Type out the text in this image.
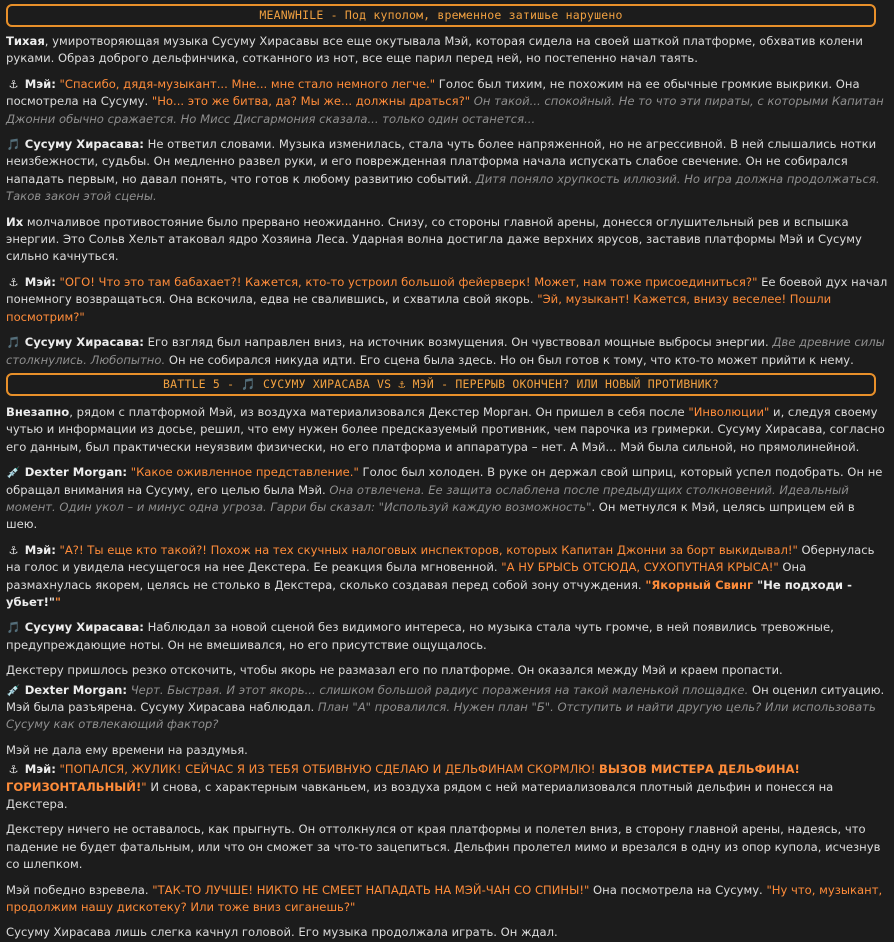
MEANWHILE - Под куполом, временное затишье нарушено

Тихая, умиротворяющая музыка Сусуму Хирасавы все еще окутывала Мэй, которая сидела на своей шаткой платформе, обхватив колени руками. Образ доброго дельфинчика, сотканного из нот, все еще парил перед ней, но постепенно начал таять.

⚓ Мэй: "Спасибо, дядя-музыкант... Мне... мне стало немного легче." Голос был тихим, не похожим на ее обычные громкие выкрики. Она посмотрела на Сусуму. "Но... это же битва, да? Мы же... должны драться?" Он такой... спокойный. Не то что эти пираты, с которыми Капитан Джонни обычно сражается. Но Мисс Дисгармония сказала... только один останется...

🎵 Сусуму Хирасава: Не ответил словами. Музыка изменилась, стала чуть более напряженной, но не агрессивной. В ней слышались нотки неизбежности, судьбы. Он медленно развел руки, и его поврежденная платформа начала испускать слабое свечение. Он не собирался нападать первым, но давал понять, что готов к любому развитию событий. Дитя поняло хрупкость иллюзий. Но игра должна продолжаться. Таков закон этой сцены.

Их молчаливое противостояние было прервано неожиданно. Снизу, со стороны главной арены, донесся оглушительный рев и вспышка энергии. Это Сольв Хельт атаковал ядро Хозяина Леса. Ударная волна достигла даже верхних ярусов, заставив платформы Мэй и Сусуму сильно качнуться.

⚓ Мэй: "ОГО! Что это там бабахает?! Кажется, кто-то устроил большой фейерверк! Может, нам тоже присоединиться?" Ее боевой дух начал понемногу возвращаться. Она вскочила, едва не свалившись, и схватила свой якорь. "Эй, музыкант! Кажется, внизу веселее! Пошли посмотрим?"

🎵 Сусуму Хирасава: Его взгляд был направлен вниз, на источник возмущения. Он чувствовал мощные выбросы энергии. Две древние силы столкнулись. Любопытно. Он не собирался никуда идти. Его сцена была здесь. Но он был готов к тому, что кто-то может прийти к нему.

BATTLE 5 - 🎵 СУСУМУ ХИРАСАВА VS ⚓ МЭЙ - ПЕРЕРЫВ ОКОНЧЕН? ИЛИ НОВЫЙ ПРОТИВНИК?

Внезапно, рядом с платформой Мэй, из воздуха материализовался Декстер Морган. Он пришел в себя после "Инволюции" и, следуя своему чутью и информации из досье, решил, что ему нужен более предсказуемый противник, чем парочка из гримерки. Сусуму Хирасава, согласно его данным, был практически неуязвим физически, но его платформа и аппаратура – нет. А Мэй... Мэй была сильной, но прямолинейной.

💉 Dexter Morgan: "Какое оживленное представление." Голос был холоден. В руке он держал свой шприц, который успел подобрать. Он не обращал внимания на Сусуму, его целью была Мэй. Она отвлечена. Ее защита ослаблена после предыдущих столкновений. Идеальный момент. Один укол – и минус одна угроза. Гарри бы сказал: "Используй каждую возможность". Он метнулся к Мэй, целясь шприцем ей в шею.

⚓ Мэй: "А?! Ты еще кто такой?! Похож на тех скучных налоговых инспекторов, которых Капитан Джонни за борт выкидывал!" Обернулась на голос и увидела несущегося на нее Декстера. Ее реакция была мгновенной. "А НУ БРЫСЬ ОТСЮДА, СУХОПУТНАЯ КРЫСА!" Она размахнулась якорем, целясь не столько в Декстера, сколько создавая перед собой зону отчуждения. "Якорный Свинг "Не подходи - убьет!""

🎵 Сусуму Хирасава: Наблюдал за новой сценой без видимого интереса, но музыка стала чуть громче, в ней появились тревожные, предупреждающие ноты. Он не вмешивался, но его присутствие ощущалось.

Декстеру пришлось резко отскочить, чтобы якорь не размазал его по платформе. Он оказался между Мэй и краем пропасти.

💉 Dexter Morgan: Черт. Быстрая. И этот якорь... слишком большой радиус поражения на такой маленькой площадке. Он оценил ситуацию. Мэй была разъярена. Сусуму Хирасава наблюдал. План "А" провалился. Нужен план "Б". Отступить и найти другую цель? Или использовать Сусуму как отвлекающий фактор?

Мэй не дала ему времени на раздумья.

⚓ Мэй: "ПОПАЛСЯ, ЖУЛИК! СЕЙЧАС Я ИЗ ТЕБЯ ОТБИВНУЮ СДЕЛАЮ И ДЕЛЬФИНАМ СКОРМЛЮ! ВЫЗОВ МИСТЕРА ДЕЛЬФИНА! ГОРИЗОНТАЛЬНЫЙ!" И снова, с характерным чавканьем, из воздуха рядом с ней материализовался плотный дельфин и понесся на Декстера.

Декстеру ничего не оставалось, как прыгнуть. Он оттолкнулся от края платформы и полетел вниз, в сторону главной арены, надеясь, что падение не будет фатальным, или что он сможет за что-то зацепиться. Дельфин пролетел мимо и врезался в одну из опор купола, исчезнув со шлепком.

Мэй победно взревела. "ТАК-ТО ЛУЧШЕ! НИКТО НЕ СМЕЕТ НАПАДАТЬ НА МЭЙ-ЧАН СО СПИНЫ!" Она посмотрела на Сусуму. "Ну что, музыкант, продолжим нашу дискотеку? Или тоже вниз сиганешь?"

Сусуму Хирасава лишь слегка качнул головой. Его музыка продолжала играть. Он ждал.
